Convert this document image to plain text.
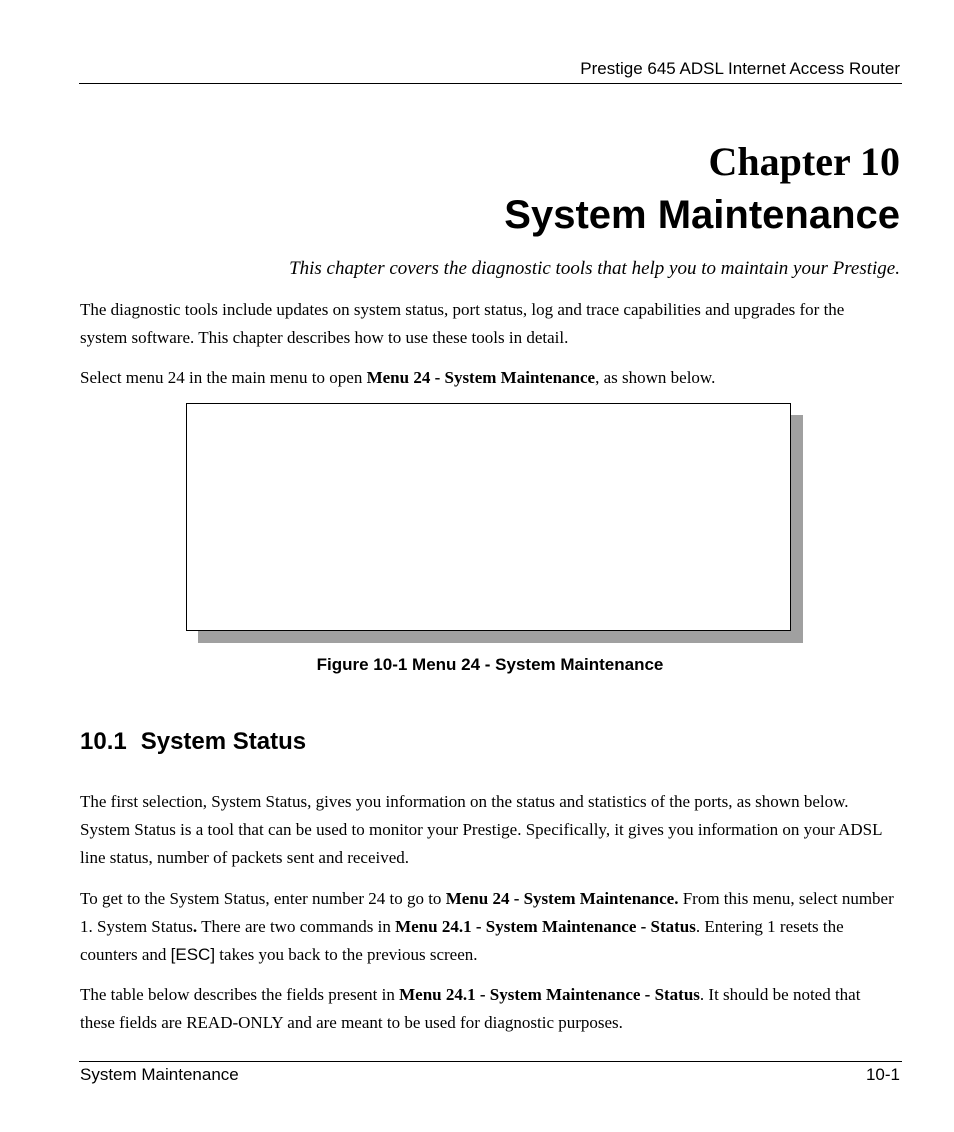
Prestige 645 ADSL Internet Access Router
Chapter 10
System Maintenance
This chapter covers the diagnostic tools that help you to maintain your Prestige.
The diagnostic tools include updates on system status, port status, log and trace capabilities and upgrades for the system software. This chapter describes how to use these tools in detail.
Select menu 24 in the main menu to open Menu 24 - System Maintenance, as shown below.
Figure 10-1 Menu 24 - System Maintenance
10.1 System Status
The first selection, System Status, gives you information on the status and statistics of the ports, as shown below. System Status is a tool that can be used to monitor your Prestige. Specifically, it gives you information on your ADSL line status, number of packets sent and received.
To get to the System Status, enter number 24 to go to Menu 24 - System Maintenance. From this menu, select number 1. System Status. There are two commands in Menu 24.1 - System Maintenance - Status. Entering 1 resets the counters and [ESC] takes you back to the previous screen.
The table below describes the fields present in Menu 24.1 - System Maintenance - Status. It should be noted that these fields are READ-ONLY and are meant to be used for diagnostic purposes.
System Maintenance	10-1
